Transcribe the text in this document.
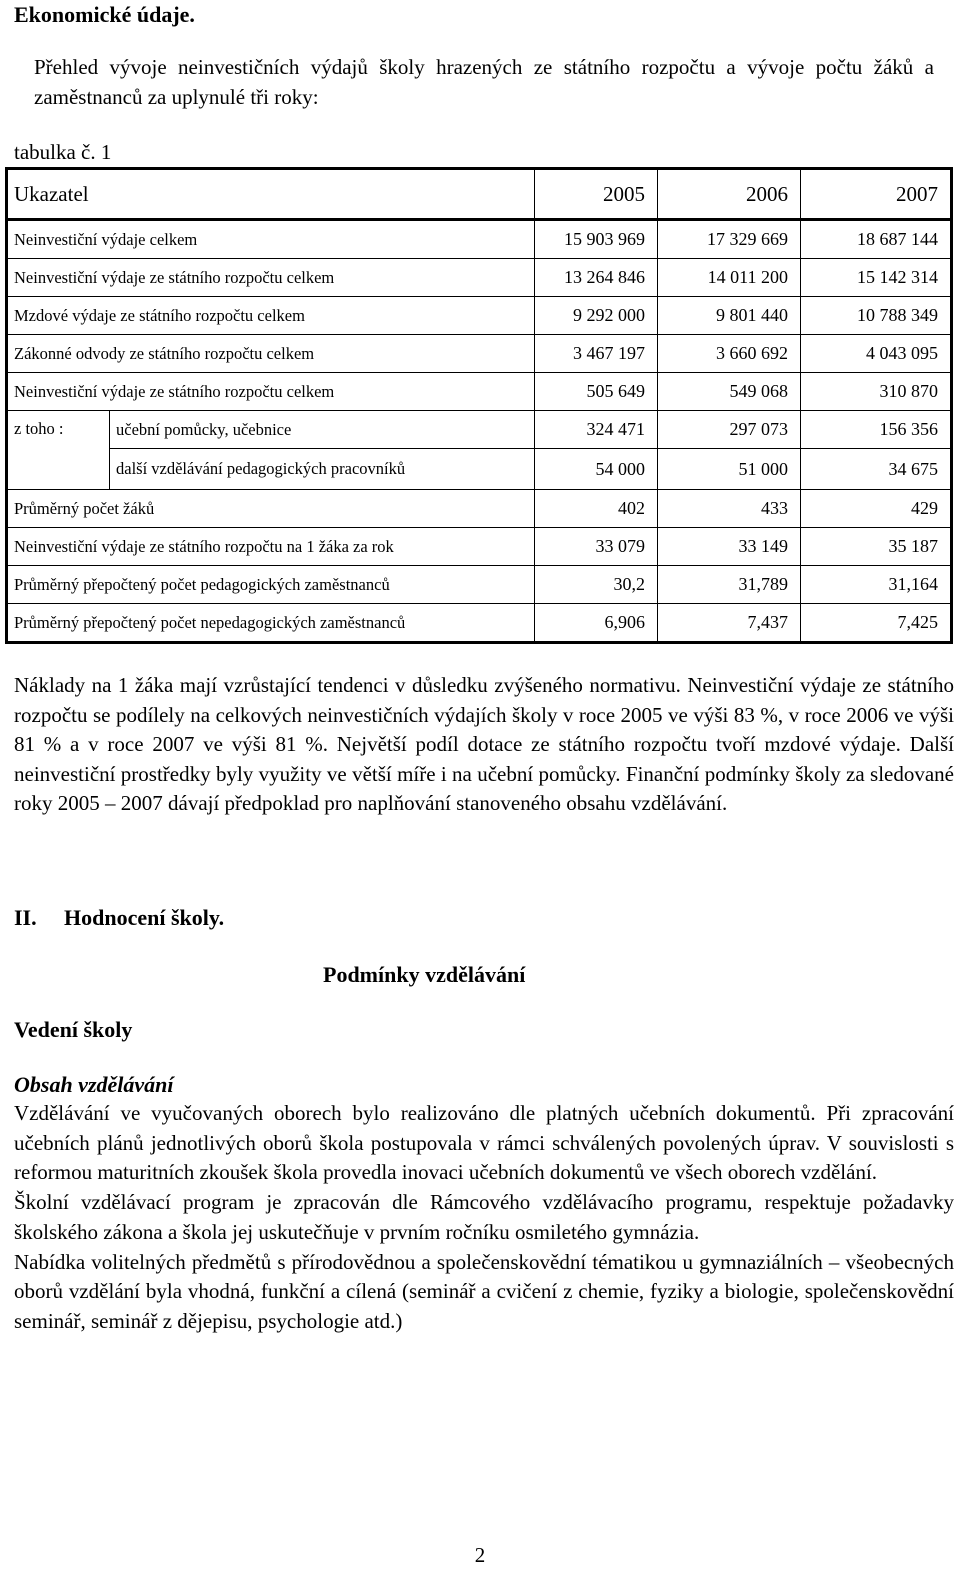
Ekonomické údaje.

Přehled vývoje neinvestičních výdajů školy hrazených ze státního rozpočtu a vývoje počtu žáků a zaměstnanců za uplynulé tři roky:

tabulka č. 1
Ukazatel		2005	2006	2007
Neinvestiční výdaje celkem		15 903 969	17 329 669	18 687 144
Neinvestiční výdaje ze státního rozpočtu celkem		13 264 846	14 011 200	15 142 314
Mzdové výdaje ze státního rozpočtu celkem		9 292 000	9 801 440	10 788 349
Zákonné odvody ze státního rozpočtu celkem		3 467 197	3 660 692	4 043 095
Neinvestiční výdaje ze státního rozpočtu celkem		505 649	549 068	310 870
z toho :	učební pomůcky, učebnice	324 471	297 073	156 356
	další vzdělávání pedagogických pracovníků	54 000	51 000	34 675
Průměrný počet žáků		402	433	429
Neinvestiční výdaje ze státního rozpočtu na 1 žáka za rok		33 079	33 149	35 187
Průměrný přepočtený počet pedagogických zaměstnanců		30,2	31,789	31,164
Průměrný přepočtený počet nepedagogických zaměstnanců		6,906	7,437	7,425

Náklady na 1 žáka mají vzrůstající tendenci v důsledku zvýšeného normativu. Neinvestiční výdaje ze státního rozpočtu se podílely na celkových neinvestičních výdajích školy v roce 2005 ve výši 83 %, v roce 2006 ve výši 81 % a v roce 2007 ve výši 81 %. Největší podíl dotace ze státního rozpočtu tvoří mzdové výdaje. Další neinvestiční prostředky byly využity ve větší míře i na učební pomůcky. Finanční podmínky školy za sledované roky 2005 – 2007 dávají předpoklad pro naplňování stanoveného obsahu vzdělávání.

II. Hodnocení školy.
Podmínky vzdělávání
Vedení školy
Obsah vzdělávání

Vzdělávání ve vyučovaných oborech bylo realizováno dle platných učebních dokumentů. Při zpracování učebních plánů jednotlivých oborů škola postupovala v rámci schválených povolených úprav. V souvislosti s reformou maturitních zkoušek škola provedla inovaci učebních dokumentů ve všech oborech vzdělání.

Školní vzdělávací program je zpracován dle Rámcového vzdělávacího programu, respektuje požadavky školského zákona a škola jej uskutečňuje v prvním ročníku osmiletého gymnázia.

Nabídka volitelných předmětů s přírodovědnou a společenskovědní tématikou u gymnaziálních – všeobecných oborů vzdělání byla vhodná, funkční a cílená (seminář a cvičení z chemie, fyziky a biologie, společenskovědní seminář, seminář z dějepisu, psychologie atd.)

2
